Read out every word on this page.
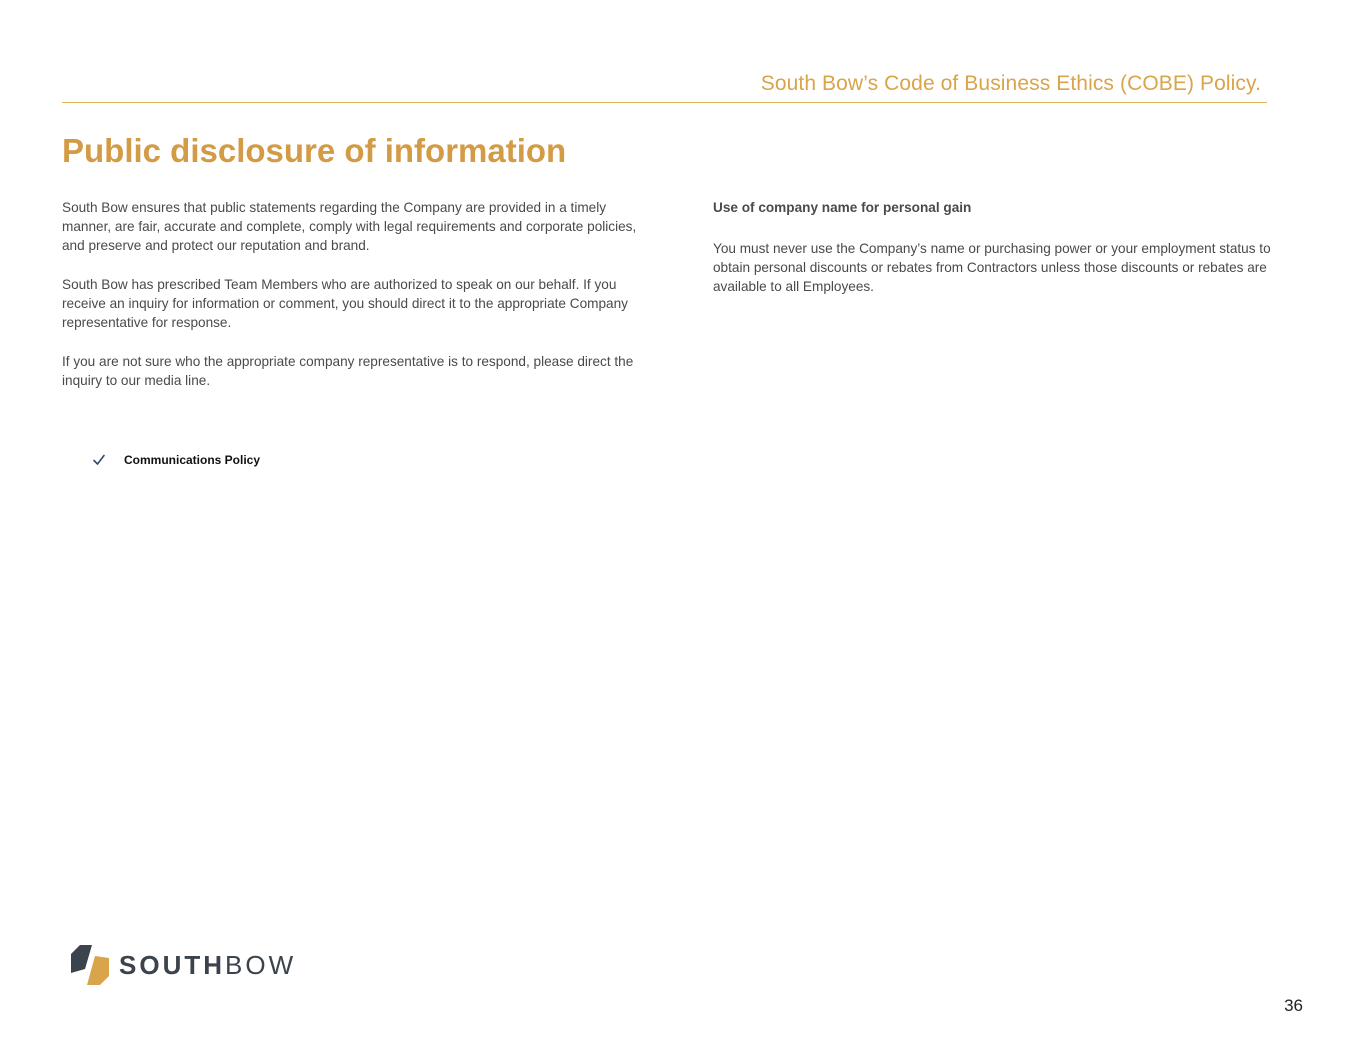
South Bow’s Code of Business Ethics (COBE) Policy.
Public disclosure of information

South Bow ensures that public statements regarding the Company are provided in a timely manner, are fair, accurate and complete, comply with legal requirements and corporate policies, and preserve and protect our reputation and brand.

South Bow has prescribed Team Members who are authorized to speak on our behalf. If you receive an inquiry for information or comment, you should direct it to the appropriate Company representative for response.

If you are not sure who the appropriate company representative is to respond, please direct the inquiry to our media line.

Use of company name for personal gain

You must never use the Company’s name or purchasing power or your employment status to obtain personal discounts or rebates from Contractors unless those discounts or rebates are available to all Employees.

Communications Policy
SOUTHBOW
36
